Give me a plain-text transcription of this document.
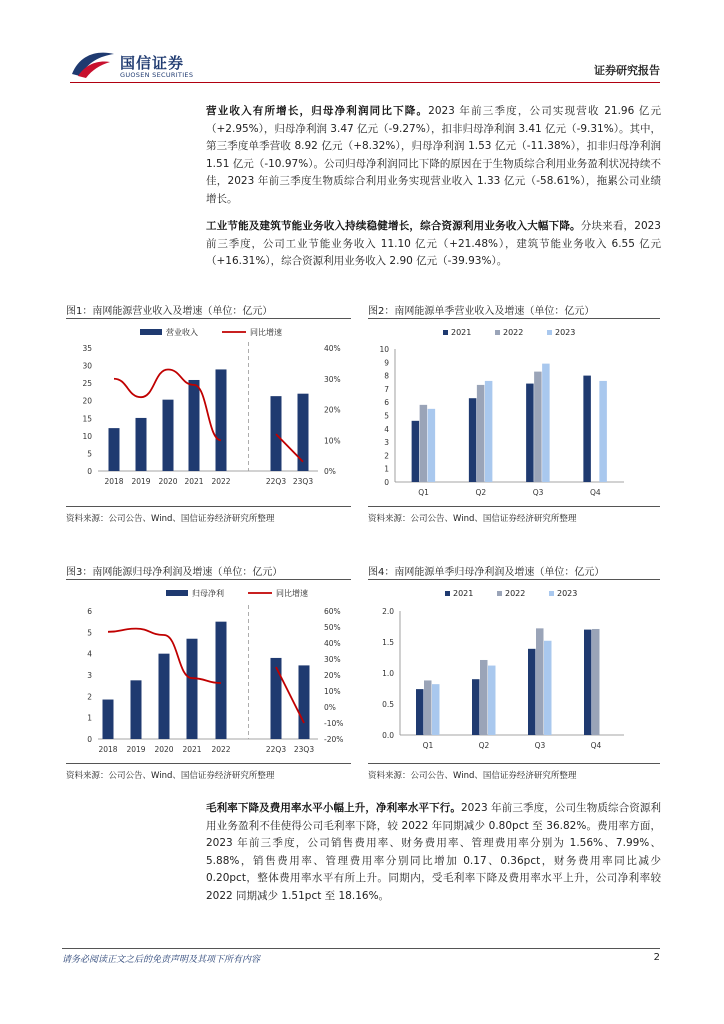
国信证券
GUOSEN SECURITIES	证券研究报告
营业收入有所增长，归母净利润同比下降。2023 年前三季度，公司实现营收 21.96 亿元（+2.95%），归母净利润 3.47 亿元（-9.27%），扣非归母净利润 3.41 亿元（-9.31%）。其中，第三季度单季营收 8.92 亿元（+8.32%），归母净利润 1.53 亿元（-11.38%），扣非归母净利润 1.51 亿元（-10.97%）。公司归母净利润同比下降的原因在于生物质综合利用业务盈利状况持续不佳，2023 年前三季度生物质综合利用业务实现营业收入 1.33 亿元（-58.61%），拖累公司业绩增长。
工业节能及建筑节能业务收入持续稳健增长，综合资源利用业务收入大幅下降。分块来看，2023 前三季度，公司工业节能业务收入 11.10 亿元（+21.48%），建筑节能业务收入 6.55 亿元（+16.31%），综合资源利用业务收入 2.90 亿元（-39.93%）。
图1：南网能源营业收入及增速（单位：亿元）
0
5
10
15
20
25
30
35
0%
10%
20%
30%
40%
2018 2019 2020 2021 2022	22Q3 23Q3
营业收入	同比增速
资料来源：公司公告、Wind、国信证券经济研究所整理
图2：南网能源单季营业收入及增速（单位：亿元）
0
1
2
3
4
5
6
7
8
9
10
Q1	Q2	Q3	Q4
2021	2022	2023
资料来源：公司公告、Wind、国信证券经济研究所整理
图3：南网能源归母净利润及增速（单位：亿元）
0
1
2
3
4
5
6
-20%
-10%
0%
10%
20%
30%
40%
50%
60%
2018 2019 2020 2021 2022	22Q3 23Q3
归母净利	同比增速
资料来源：公司公告、Wind、国信证券经济研究所整理
图4：南网能源单季归母净利润及增速（单位：亿元）
0.0
0.5
1.0
1.5
2.0
Q1	Q2	Q3	Q4
2021	2022	2023
资料来源：公司公告、Wind、国信证券经济研究所整理
毛利率下降及费用率水平小幅上升，净利率水平下行。2023 年前三季度，公司生物质综合资源利用业务盈利不佳使得公司毛利率下降，较 2022 年同期减少 0.80pct 至 36.82%。费用率方面，2023 年前三季度，公司销售费用率、财务费用率、管理费用率分别为 1.56%、7.99%、5.88%，销售费用率、管理费用率分别同比增加 0.17、0.36pct，财务费用率同比减少 0.20pct，整体费用率水平有所上升。同期内，受毛利率下降及费用率水平上升，公司净利率较 2022 同期减少 1.51pct 至 18.16%。
请务必阅读正文之后的免责声明及其项下所有内容	2
